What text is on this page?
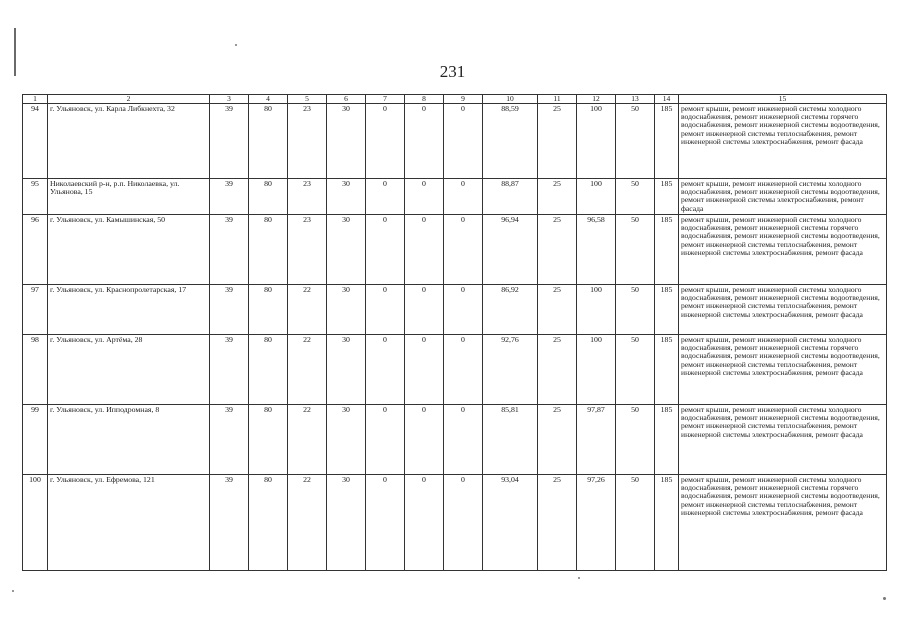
231
1	2	3	4	5	6	7	8	9	10	11	12	13	14	15
94	г. Ульяновск, ул. Карла Либкнехта, 32	39	80	23	30	0	0	0	88,59	25	100	50	185	ремонт крыши, ремонт инженерной системы холодного водоснабжения, ремонт инженерной системы горячего водоснабжения, ремонт инженерной системы водоотведения, ремонт инженерной системы теплоснабжения, ремонт инженерной системы электроснабжения, ремонт фасада
95	Николаевский р-н, р.п. Николаевка, ул. Ульянова, 15	39	80	23	30	0	0	0	88,87	25	100	50	185	ремонт крыши, ремонт инженерной системы холодного водоснабжения, ремонт инженерной системы водоотведения, ремонт инженерной системы электроснабжения, ремонт фасада
96	г. Ульяновск, ул. Камышинская, 50	39	80	23	30	0	0	0	96,94	25	96,58	50	185	ремонт крыши, ремонт инженерной системы холодного водоснабжения, ремонт инженерной системы горячего водоснабжения, ремонт инженерной системы водоотведения, ремонт инженерной системы теплоснабжения, ремонт инженерной системы электроснабжения, ремонт фасада
97	г. Ульяновск, ул. Краснопролетарская, 17	39	80	22	30	0	0	0	86,92	25	100	50	185	ремонт крыши, ремонт инженерной системы холодного водоснабжения, ремонт инженерной системы водоотведения, ремонт инженерной системы теплоснабжения, ремонт инженерной системы электроснабжения, ремонт фасада
98	г. Ульяновск, ул. Артёма, 28	39	80	22	30	0	0	0	92,76	25	100	50	185	ремонт крыши, ремонт инженерной системы холодного водоснабжения, ремонт инженерной системы горячего водоснабжения, ремонт инженерной системы водоотведения, ремонт инженерной системы теплоснабжения, ремонт инженерной системы электроснабжения, ремонт фасада
99	г. Ульяновск, ул. Ипподромная, 8	39	80	22	30	0	0	0	85,81	25	97,87	50	185	ремонт крыши, ремонт инженерной системы холодного водоснабжения, ремонт инженерной системы водоотведения, ремонт инженерной системы теплоснабжения, ремонт инженерной системы электроснабжения, ремонт фасада
100	г. Ульяновск, ул. Ефремова, 121	39	80	22	30	0	0	0	93,04	25	97,26	50	185	ремонт крыши, ремонт инженерной системы холодного водоснабжения, ремонт инженерной системы горячего водоснабжения, ремонт инженерной системы водоотведения, ремонт инженерной системы теплоснабжения, ремонт инженерной системы электроснабжения, ремонт фасада
